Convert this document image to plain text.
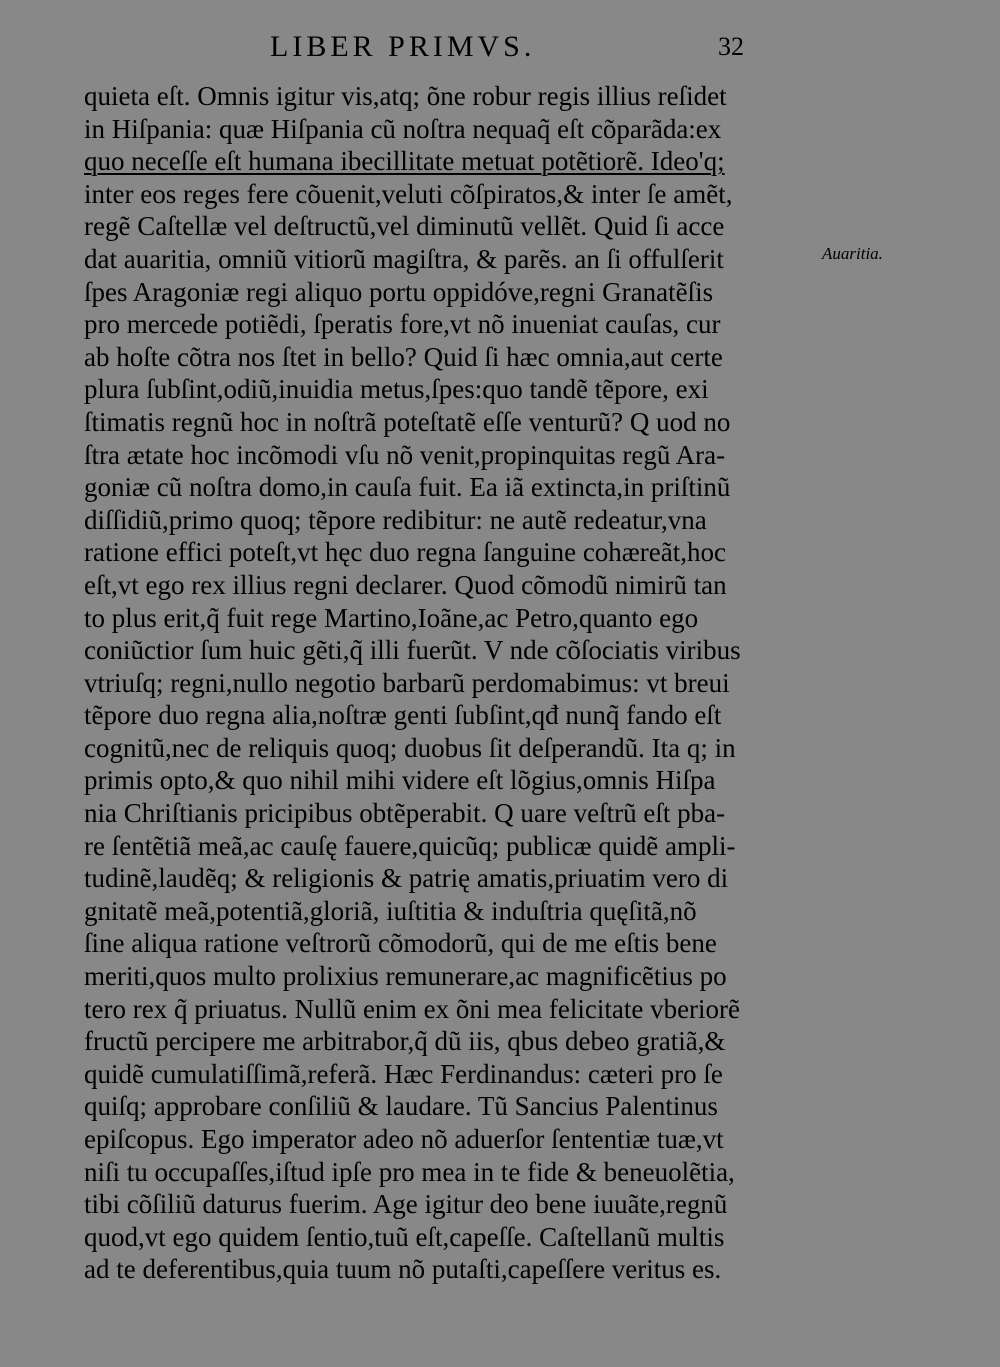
LIBER PRIMVS.	32
Auaritia.
quieta eſt. Omnis igitur vis,atq; õne robur regis illius reſidet
in Hiſpania: quæ Hiſpania cũ noſtra nequaq̃ eſt cõparãda:ex
quo neceſſe eſt humana ibecillitate metuat potẽtiorẽ. Ideo'q;
inter eos reges fere cõuenit,veluti cõſpiratos,& inter ſe amẽt,
regẽ Caſtellæ vel deſtructũ,vel diminutũ vellẽt. Quid ſi acce
dat auaritia, omniũ vitiorũ magiſtra, & parẽs. an ſi offulſerit
ſpes Aragoniæ regi aliquo portu oppidóve,regni Granatẽſis
pro mercede potiẽdi, ſperatis fore,vt nõ inueniat cauſas, cur
ab hoſte cõtra nos ſtet in bello? Quid ſi hæc omnia,aut certe
plura ſubſint,odiũ,inuidia metus,ſpes:quo tandẽ tẽpore, exi
ſtimatis regnũ hoc in noſtrã poteſtatẽ eſſe venturũ? Q uod no
ſtra ætate hoc incõmodi vſu nõ venit,propinquitas regũ Ara-
goniæ cũ noſtra domo,in cauſa fuit. Ea iã extincta,in priſtinũ
diſſidiũ,primo quoq; tẽpore redibitur: ne autẽ redeatur,vna
ratione effici poteſt,vt hęc duo regna ſanguine cohæreãt,hoc
eſt,vt ego rex illius regni declarer. Quod cõmodũ nimirũ tan
to plus erit,q̃ fuit rege Martino,Ioãne,ac Petro,quanto ego
coniũctior ſum huic gẽti,q̃ illi fuerũt. V nde cõſociatis viribus
vtriuſq; regni,nullo negotio barbarũ perdomabimus: vt breui
tẽpore duo regna alia,noſtræ genti ſubſint,qđ nunq̃ fando eſt
cognitũ,nec de reliquis quoq; duobus ſit deſperandũ. Ita q; in
primis opto,& quo nihil mihi videre eſt lõgius,omnis Hiſpa
nia Chriſtianis pricipibus obtẽperabit. Q uare veſtrũ eſt pba-
re ſentẽtiã meã,ac cauſę fauere,quicũq; publicæ quidẽ ampli-
tudinẽ,laudẽq; & religionis & patrię amatis,priuatim vero di
gnitatẽ meã,potentiã,gloriã, iuſtitia & induſtria quęſitã,nõ
ſine aliqua ratione veſtrorũ cõmodorũ, qui de me eſtis bene
meriti,quos multo prolixius remunerare,ac magnificẽtius po
tero rex q̃ priuatus. Nullũ enim ex õni mea felicitate vberiorẽ
fructũ percipere me arbitrabor,q̃ dũ iis, qbus debeo gratiã,&
quidẽ cumulatiſſimã,referã. Hæc Ferdinandus: cæteri pro ſe
quiſq; approbare conſiliũ & laudare. Tũ Sancius Palentinus
epiſcopus. Ego imperator adeo nõ aduerſor ſententiæ tuæ,vt
niſi tu occupaſſes,iſtud ipſe pro mea in te fide & beneuolẽtia,
tibi cõſiliũ daturus fuerim. Age igitur deo bene iuuãte,regnũ
quod,vt ego quidem ſentio,tuũ eſt,capeſſe. Caſtellanũ multis
ad te deferentibus,quia tuum nõ putaſti,capeſſere veritus es.
